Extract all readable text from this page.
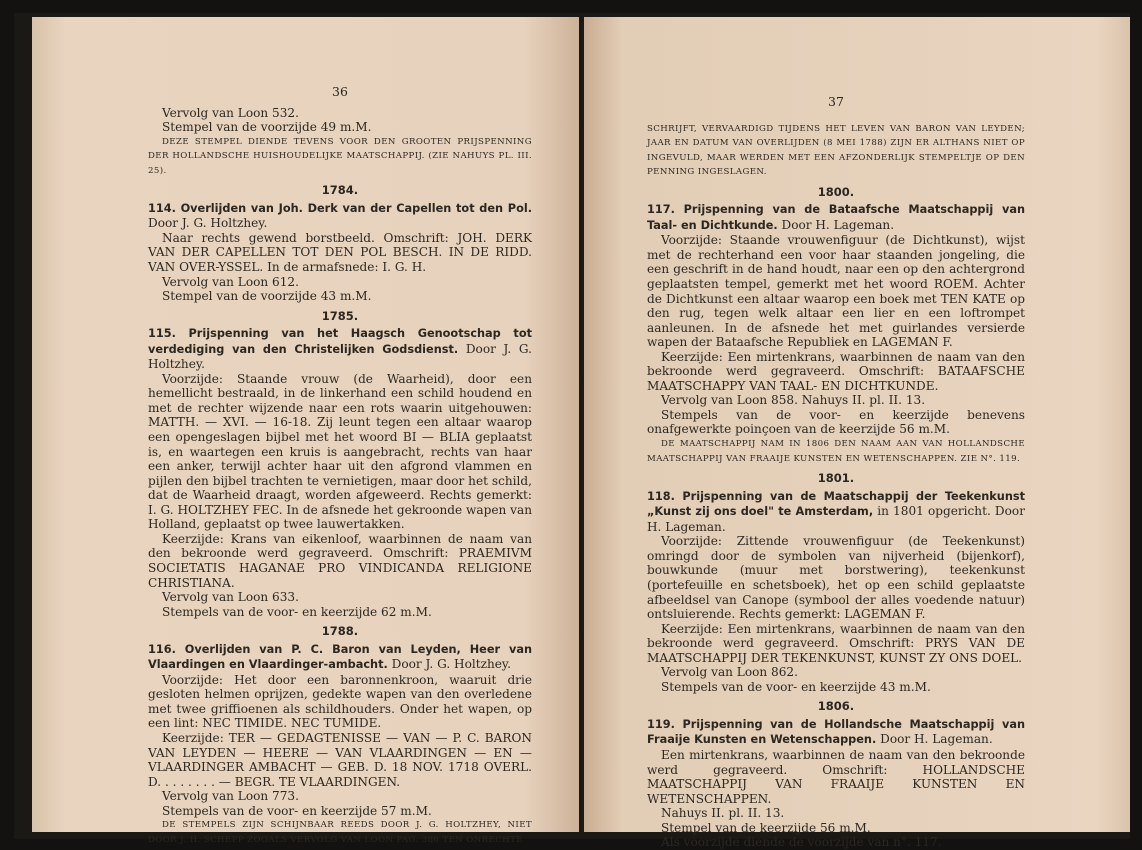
36

Vervolg van Loon 532.

Stempel van de voorzijde 49 m.M.

DEZE STEMPEL DIENDE TEVENS VOOR DEN GROOTEN PRIJSPENNING DER HOLLANDSCHE HUISHOUDELIJKE MAATSCHAPPIJ. (ZIE NAHUYS PL. III. 25).

1784.

114. Overlijden van Joh. Derk van der Capellen tot den Pol. Door J. G. Holtzhey.

Naar rechts gewend borstbeeld. Omschrift: JOH. DERK VAN DER CAPELLEN TOT DEN POL BESCH. IN DE RIDD. VAN OVER-YSSEL. In de armafsnede: I. G. H.

Vervolg van Loon 612.

Stempel van de voorzijde 43 m.M.

1785.

115. Prijspenning van het Haagsch Genootschap tot verdediging van den Christelijken Godsdienst. Door J. G. Holtzhey.

Voorzijde: Staande vrouw (de Waarheid), door een hemellicht bestraald, in de linkerhand een schild houdend en met de rechter wijzende naar een rots waarin uitgehouwen: MATTH. — XVI. — 16-18. Zij leunt tegen een altaar waarop een opengeslagen bijbel met het woord BI — BLIA geplaatst is, en waartegen een kruis is aangebracht, rechts van haar een anker, terwijl achter haar uit den afgrond vlammen en pijlen den bijbel trachten te vernietigen, maar door het schild, dat de Waarheid draagt, worden afgeweerd. Rechts gemerkt: I. G. HOLTZHEY FEC. In de afsnede het gekroonde wapen van Holland, geplaatst op twee lauwertakken.

Keerzijde: Krans van eikenloof, waarbinnen de naam van den bekroonde werd gegraveerd. Omschrift: PRAEMIVM SOCIETATIS HAGANAE PRO VINDICANDA RELIGIONE CHRISTIANA.

Vervolg van Loon 633.

Stempels van de voor- en keerzijde 62 m.M.

1788.

116. Overlijden van P. C. Baron van Leyden, Heer van Vlaardingen en Vlaardinger-ambacht. Door J. G. Holtzhey.

Voorzijde: Het door een baronnenkroon, waaruit drie gesloten helmen oprijzen, gedekte wapen van den overledene met twee griffioenen als schildhouders. Onder het wapen, op een lint: NEC TIMIDE. NEC TUMIDE.

Keerzijde: TER — GEDAGTENISSE — VAN — P. C. BARON VAN LEYDEN — HEERE — VAN VLAARDINGEN — EN — VLAARDINGER AMBACHT — GEB. D. 18 NOV. 1718 OVERL. D. . . . . . . . — BEGR. TE VLAARDINGEN.

Vervolg van Loon 773.

Stempels van de voor- en keerzijde 57 m.M.

DE STEMPELS ZIJN SCHIJNBAAR REEDS DOOR J. G. HOLTZHEY, NIET DOOR J. H. SCHEPP ZOOALS VERVOLG VAN LOON PAG. 386 TEN ONRECHTE

37

SCHRIJFT, VERVAARDIGD TIJDENS HET LEVEN VAN BARON VAN LEYDEN; JAAR EN DATUM VAN OVERLIJDEN (8 MEI 1788) ZIJN ER ALTHANS NIET OP INGEVULD, MAAR WERDEN MET EEN AFZONDERLIJK STEMPELTJE OP DEN PENNING INGESLAGEN.

1800.

117. Prijspenning van de Bataafsche Maatschappij van Taal- en Dichtkunde. Door H. Lageman.

Voorzijde: Staande vrouwenfiguur (de Dichtkunst), wijst met de rechterhand een voor haar staanden jongeling, die een geschrift in de hand houdt, naar een op den achtergrond geplaatsten tempel, gemerkt met het woord ROEM. Achter de Dichtkunst een altaar waarop een boek met TEN KATE op den rug, tegen welk altaar een lier en een loftrompet aanleunen. In de afsnede het met guirlandes versierde wapen der Bataafsche Republiek en LAGEMAN F.

Keerzijde: Een mirtenkrans, waarbinnen de naam van den bekroonde werd gegraveerd. Omschrift: BATAAFSCHE MAATSCHAPPY VAN TAAL- EN DICHTKUNDE.

Vervolg van Loon 858. Nahuys II. pl. II. 13.

Stempels van de voor- en keerzijde benevens onafgewerkte poinçoen van de keerzijde 56 m.M.

DE MAATSCHAPPIJ NAM IN 1806 DEN NAAM AAN VAN HOLLANDSCHE MAATSCHAPPIJ VAN FRAAIJE KUNSTEN EN WETENSCHAPPEN. ZIE N°. 119.

1801.

118. Prijspenning van de Maatschappij der Teekenkunst „Kunst zij ons doel" te Amsterdam, in 1801 opgericht. Door H. Lageman.

Voorzijde: Zittende vrouwenfiguur (de Teekenkunst) omringd door de symbolen van nijverheid (bijenkorf), bouwkunde (muur met borstwering), teekenkunst (portefeuille en schetsboek), het op een schild geplaatste afbeeldsel van Canope (symbool der alles voedende natuur) ontsluierende. Rechts gemerkt: LAGEMAN F.

Keerzijde: Een mirtenkrans, waarbinnen de naam van den bekroonde werd gegraveerd. Omschrift: PRYS VAN DE MAATSCHAPPIJ DER TEKENKUNST, KUNST ZY ONS DOEL.

Vervolg van Loon 862.

Stempels van de voor- en keerzijde 43 m.M.

1806.

119. Prijspenning van de Hollandsche Maatschappij van Fraaije Kunsten en Wetenschappen. Door H. Lageman.

Een mirtenkrans, waarbinnen de naam van den bekroonde werd gegraveerd. Omschrift: HOLLANDSCHE MAATSCHAPPIJ VAN FRAAIJE KUNSTEN EN WETENSCHAPPEN.

Nahuys II. pl. II. 13.

Stempel van de keerzijde 56 m.M.

Als voorzijde diende de voorzijde van n°. 117.
